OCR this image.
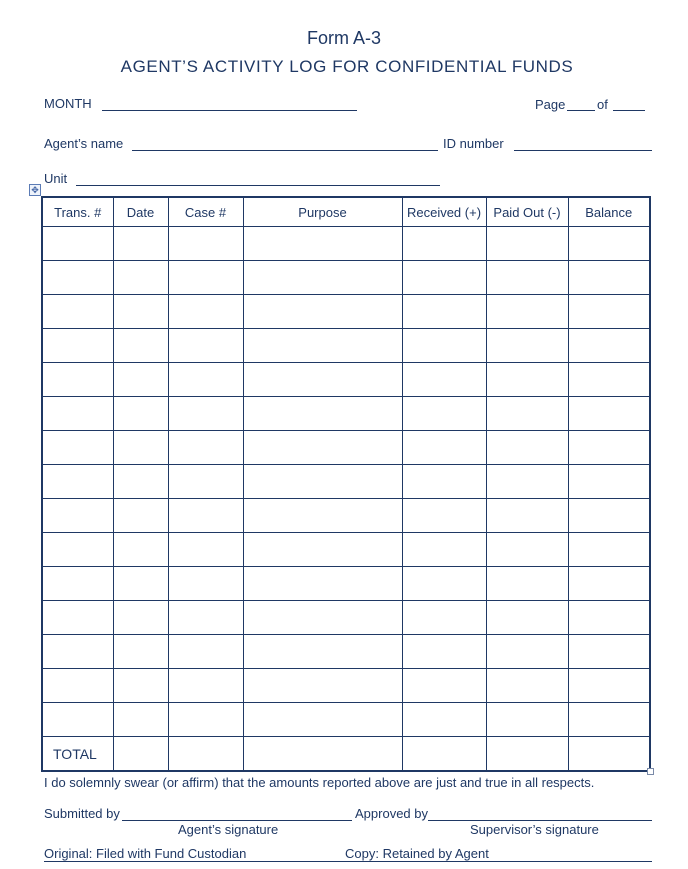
Form A-3
AGENT’S ACTIVITY LOG FOR CONFIDENTIAL FUNDS
MONTH	Page of
Agent’s name	ID number
Unit
✥
Trans. #	Date	Case #	Purpose	Received (+)	Paid Out (-)	Balance

TOTAL						
I do solemnly swear (or affirm) that the amounts reported above are just and true in all respects.
Submitted by	Approved by
Agent’s signature	Supervisor’s signature
Original: Filed with Fund Custodian	Copy: Retained by Agent
